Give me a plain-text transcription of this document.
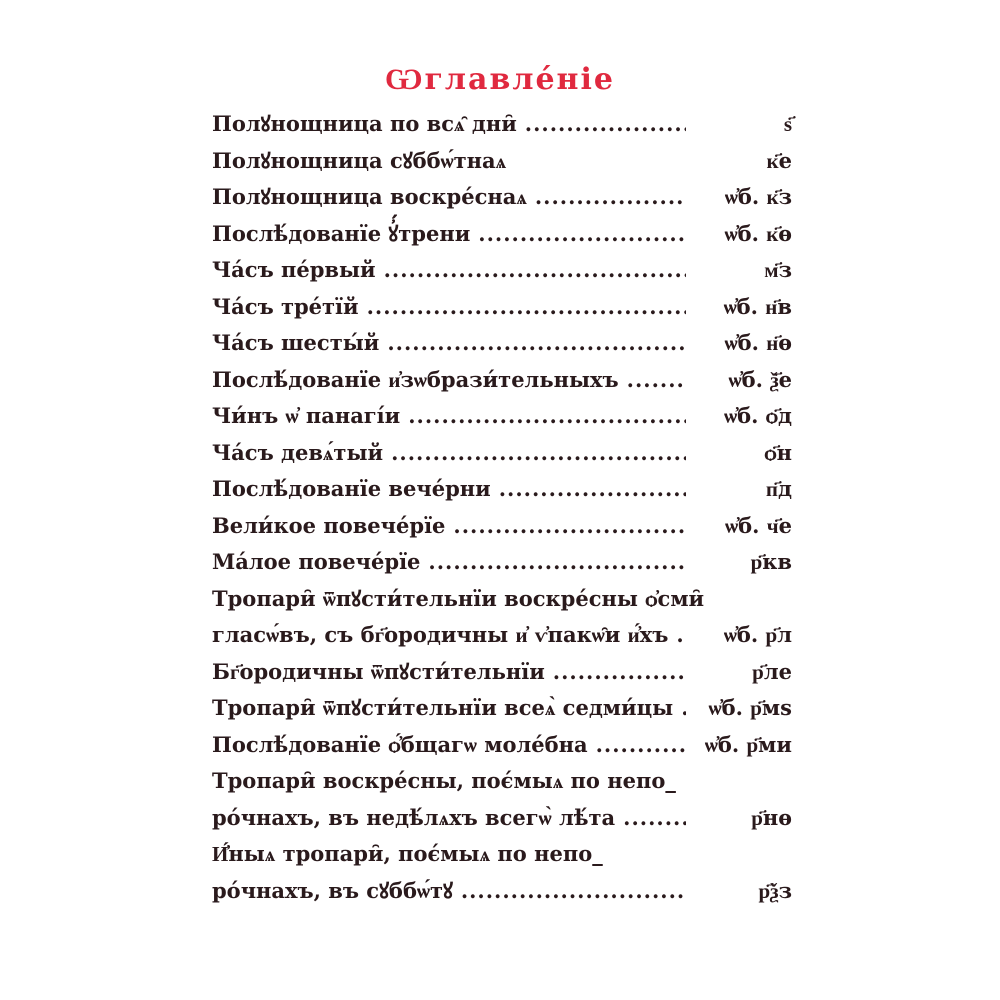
Ѡглавле́ніе
Полꙋнощница по всѧ̑ дни̑ .....	ѕ҃
Полꙋнощница сꙋббѡ́тнаѧ	к҃е
Полꙋнощница воскре́снаѧ .....	ѡ҆б. к҃з
Послѣ́дованїе ꙋ҆́трени .....	ѡ҆б. к҃ѳ
Ча́съ пе́рвый .....	м҃з
Ча́съ тре́тїй .....	ѡ҆б. н҃в
Ча́съ шесты́й .....	ѡ҆б. н҃ѳ
Послѣ́дованїе и҆зѡбрази́тельныхъ .....	ѡ҆б. ѯ҃е
Чи́нъ ѡ҆ панагі́и .....	ѡ҆б. ѻ҃д
Ча́съ девѧ́тый .....	ѻ҃н
Послѣ́дованїе вече́рни .....	п҃д
Вели́кое повече́рїе .....	ѡ҆б. ч҃е
Ма́лое повече́рїе .....	р҃кв
Тропари̑ ѿпꙋсти́тельнїи воскре́сны ѻ҆сми̑
гласѡ́въ, съ бг҃ородичны и҆ ѵ҆пакѡ̑и и҆́хъ .....	ѡ҆б. р҃л
Бг҃ородичны ѿпꙋсти́тельнїи .....	р҃ле
Тропари̑ ѿпꙋсти́тельнїи всеѧ̀ седми́цы .....	ѡ҆б. р҃мѕ
Послѣ́дованїе ѻ҆́бщагѡ моле́бна .....	ѡ҆б. р҃ми
Тропари̑ воскре́сны, поє́мыѧ по непо_
ро́чнахъ, въ недѣ́лѧхъ всегѡ̀ лѣ́та .....	р҃нѳ
И҆́ныѧ тропари̑, поє́мыѧ по непо_
ро́чнахъ, въ сꙋббѡ́тꙋ .....	р҃ѯз
